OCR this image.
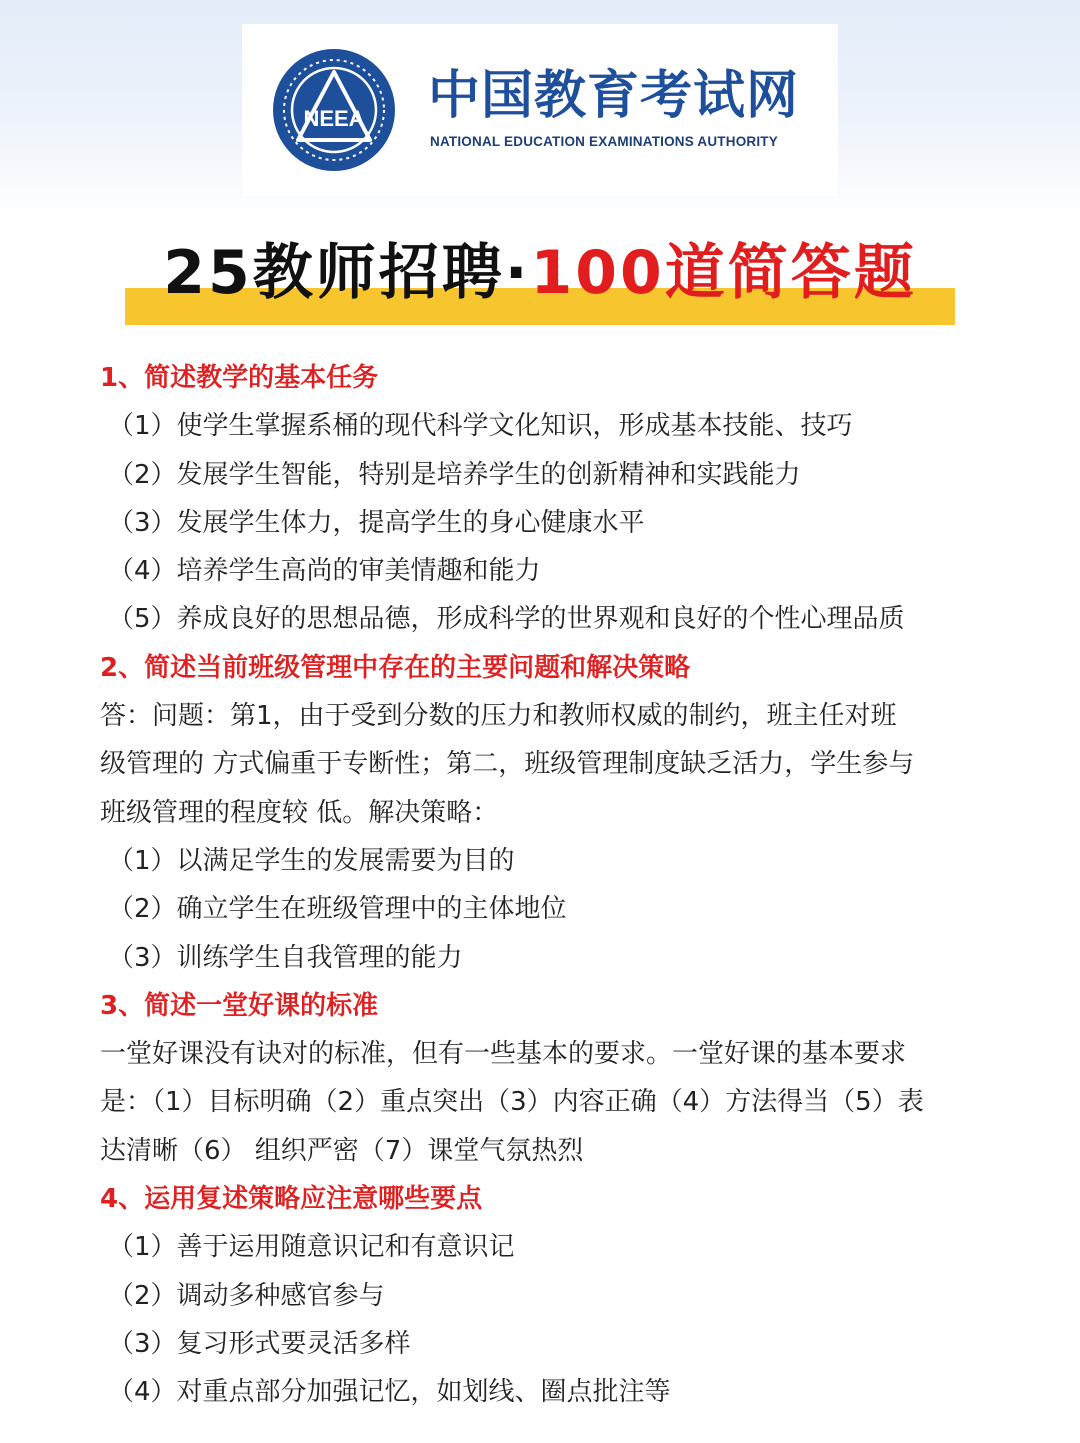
NEEA 中国教育考试网
NATIONAL EDUCATION EXAMINATIONS AUTHORITY
25教师招聘·100道简答题
1、简述教学的基本任务
（1）使学生掌握系桶的现代科学文化知识，形成基本技能、技巧
（2）发展学生智能，特别是培养学生的创新精神和实践能力
（3）发展学生体力，提高学生的身心健康水平
（4）培养学生高尚的审美情趣和能力
（5）养成良好的思想品德，形成科学的世界观和良好的个性心理品质
2、简述当前班级管理中存在的主要问题和解决策略
答：问题：第1，由于受到分数的压力和教师权威的制约，班主任对班
级管理的 方式偏重于专断性；第二，班级管理制度缺乏活力，学生参与
班级管理的程度较 低。解决策略：
（1）以满足学生的发展需要为目的
（2）确立学生在班级管理中的主体地位
（3）训练学生自我管理的能力
3、简述一堂好课的标准
一堂好课没有诀对的标准，但有一些基本的要求。一堂好课的基本要求
是：（1）目标明确（2）重点突出（3）内容正确（4）方法得当（5）表
达清晰（6） 组织严密（7）课堂气氛热烈
4、运用复述策略应注意哪些要点
（1）善于运用随意识记和有意识记
（2）调动多种感官参与
（3）复习形式要灵活多样
（4）对重点部分加强记忆，如划线、圈点批注等
